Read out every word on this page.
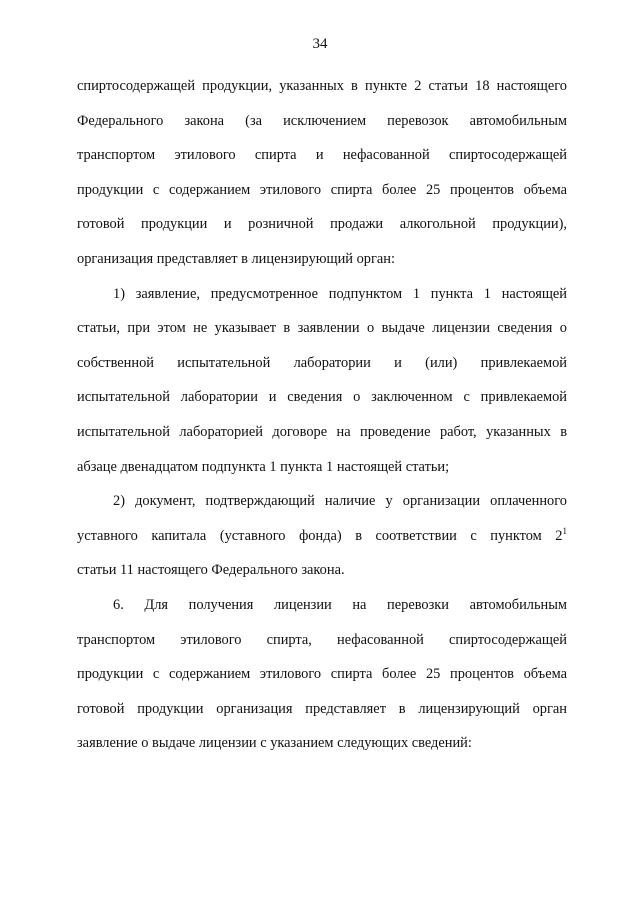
34
спиртосодержащей продукции, указанных в пункте 2 статьи 18 настоящего
Федерального закона (за исключением перевозок автомобильным
транспортом этилового спирта и нефасованной спиртосодержащей
продукции с содержанием этилового спирта более 25 процентов объема
готовой продукции и розничной продажи алкогольной продукции),
организация представляет в лицензирующий орган:
1) заявление, предусмотренное подпунктом 1 пункта 1 настоящей
статьи, при этом не указывает в заявлении о выдаче лицензии сведения о
собственной испытательной лаборатории и (или) привлекаемой
испытательной лаборатории и сведения о заключенном с привлекаемой
испытательной лабораторией договоре на проведение работ, указанных в
абзаце двенадцатом подпункта 1 пункта 1 настоящей статьи;
2) документ, подтверждающий наличие у организации оплаченного
уставного капитала (уставного фонда) в соответствии с пунктом $2^1$
статьи 11 настоящего Федерального закона.
6. Для получения лицензии на перевозки автомобильным
транспортом этилового спирта, нефасованной спиртосодержащей
продукции с содержанием этилового спирта более 25 процентов объема
готовой продукции организация представляет в лицензирующий орган
заявление о выдаче лицензии с указанием следующих сведений:
